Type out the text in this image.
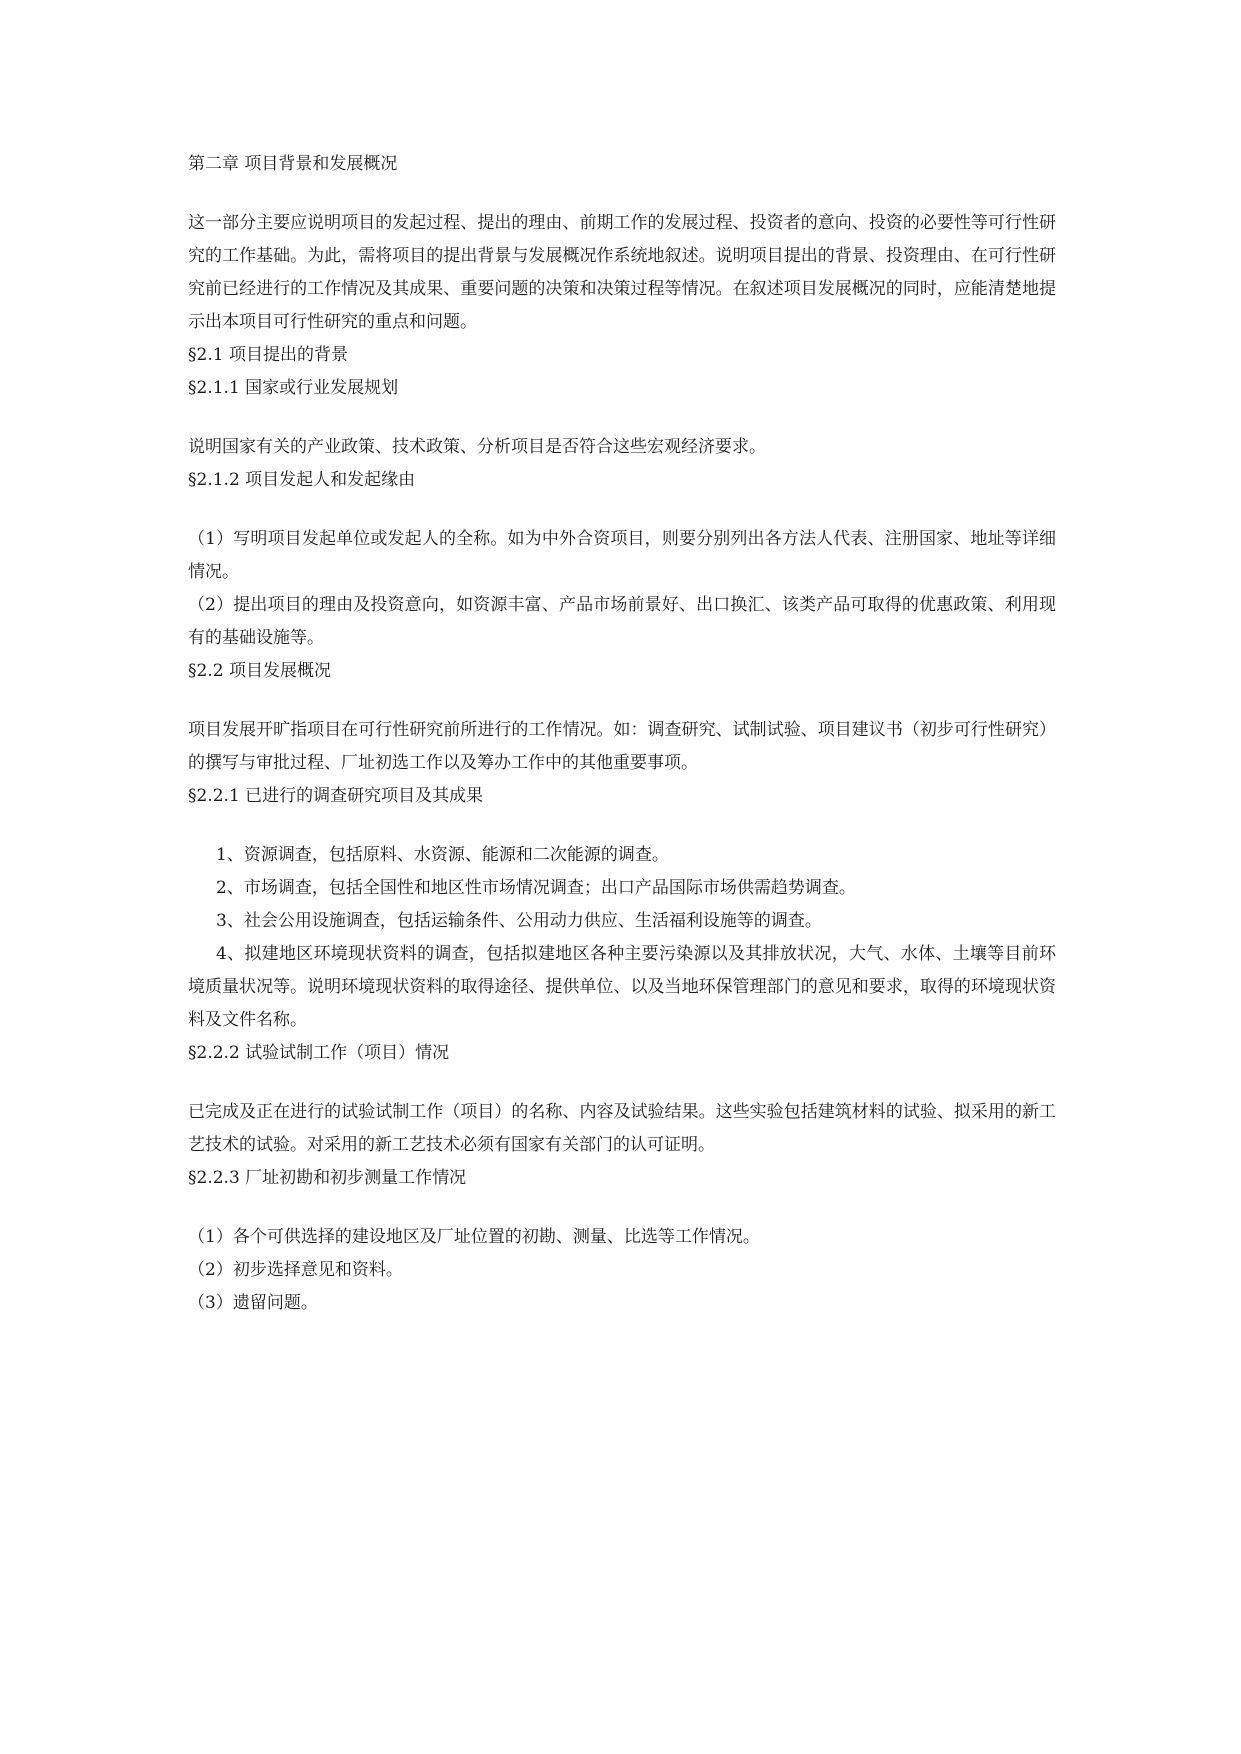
第二章 项目背景和发展概况

这一部分主要应说明项目的发起过程、提出的理由、前期工作的发展过程、投资者的意向、投资的必要性等可行性研究的工作基础。为此，需将项目的提出背景与发展概况作系统地叙述。说明项目提出的背景、投资理由、在可行性研究前已经进行的工作情况及其成果、重要问题的决策和决策过程等情况。在叙述项目发展概况的同时，应能清楚地提示出本项目可行性研究的重点和问题。

§2.1 项目提出的背景

§2.1.1 国家或行业发展规划

说明国家有关的产业政策、技术政策、分析项目是否符合这些宏观经济要求。

§2.1.2 项目发起人和发起缘由

（1）写明项目发起单位或发起人的全称。如为中外合资项目，则要分别列出各方法人代表、注册国家、地址等详细情况。

（2）提出项目的理由及投资意向，如资源丰富、产品市场前景好、出口换汇、该类产品可取得的优惠政策、利用现有的基础设施等。

§2.2 项目发展概况

项目发展开旷指项目在可行性研究前所进行的工作情况。如：调查研究、试制试验、项目建议书（初步可行性研究）的撰写与审批过程、厂址初选工作以及筹办工作中的其他重要事项。

§2.2.1 已进行的调查研究项目及其成果

1、资源调查，包括原料、水资源、能源和二次能源的调查。

2、市场调查，包括全国性和地区性市场情况调查；出口产品国际市场供需趋势调查。

3、社会公用设施调查，包括运输条件、公用动力供应、生活福利设施等的调查。

4、拟建地区环境现状资料的调查，包括拟建地区各种主要污染源以及其排放状况，大气、水体、土壤等目前环境质量状况等。说明环境现状资料的取得途径、提供单位、以及当地环保管理部门的意见和要求，取得的环境现状资料及文件名称。

§2.2.2 试验试制工作（项目）情况

已完成及正在进行的试验试制工作（项目）的名称、内容及试验结果。这些实验包括建筑材料的试验、拟采用的新工艺技术的试验。对采用的新工艺技术必须有国家有关部门的认可证明。

§2.2.3 厂址初勘和初步测量工作情况

（1）各个可供选择的建设地区及厂址位置的初勘、测量、比选等工作情况。

（2）初步选择意见和资料。

（3）遗留问题。
